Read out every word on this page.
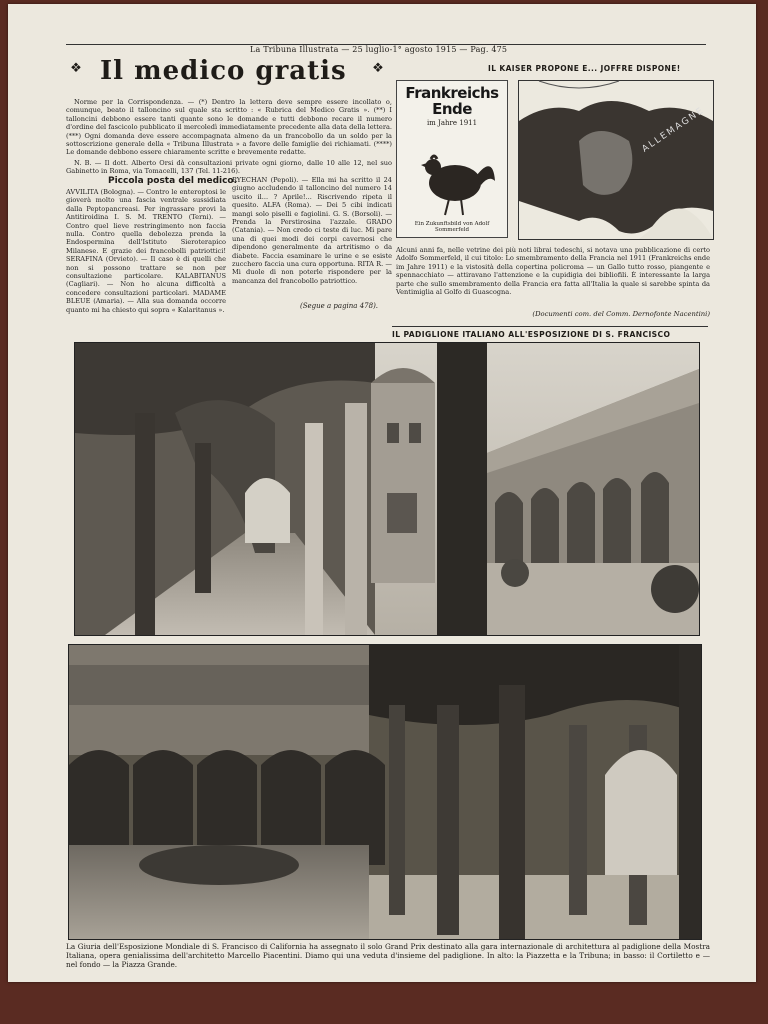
La Tribuna Illustrata — 25 luglio-1° agosto 1915 — Pag. 475
❖ Il medico gratis	❖	IL KAISER PROPONE E... JOFFRE DISPONE!

Norme per la Corrispondenza. — (*) Dentro la lettera deve sempre essere incollato o, comunque, beato il talloncino sul quale sta scritto : « Rubrica del Medico Gratis ». (**) I talloncini debbono essere tanti quante sono le domande e tutti debbono recare il numero d'ordine del fascicolo pubblicato il mercoledì immediatamente precedente alla data della lettera. (***) Ogni domanda deve essere accompagnata almeno da un francobollo da un soldo per la sottoscrizione generale della « Tribuna Illustrata » a favore delle famiglie dei richiamati. (****) Le domande debbono essere chiaramente scritte e brevemente redatte.

N. B. — Il dott. Alberto Orsi dà consultazioni private ogni giorno, dalle 10 alle 12, nel suo Gabinetto in Roma, via Tomacelli, 137 (Tel. 11-216).

Piccola posta del medico.
AVVILITA (Bologna). — Contro le enteroptosi le gioverà molto una fascia ventrale sussidiata dalla Peptopancreasi. Per ingrassare provi la Antitiroidina I. S. M. TRENTO (Terni). — Contro quel lieve restringimento non faccia nulla. Contro quella debolezza prenda la Endospermina dell'Istituto Sieroterapico Milanese. E grazie dei francobolli patriottici! SERAFINA (Orvieto). — Il caso è di quelli che non si possono trattare se non per consultazione particolare. KALABITANUS (Cagliari). — Non ho alcuna difficoltà a concedere consultazioni particolari. MADAME BLEUE (Amaria). — Alla sua domanda occorre quanto mi ha chiesto qui sopra « Kalaritanus ».
RYECHAN (Pepoli). — Ella mi ha scritto il 24 giugno accludendo il talloncino del numero 14 uscito il... ? Aprile!... Riscrivendo ripeta il quesito. ALFA (Roma). — Dei 5 cibi indicati mangi solo piselli e fagiolini. G. S. (Borsoli). — Prenda la Perstirosina l'azzale. GRADO (Catania). — Non credo ci teste di luc. Mi pare una di quei modi dei corpi cavernosi che dipendono generalmente da artritismo o da diabete. Faccia esaminare le urine e se esiste zucchero faccia una cura opportuna. RITA R. — Mi duole di non poterle rispondere per la mancanza del francobollo patriottico.
(Segue a pagina 478).
Frankreichs Ende
im Jahre 1911
Ein Zukunftsbild von Adolf Sommerfeld
ALLEMAGNE
Alcuni anni fa, nelle vetrine dei più noti librai tedeschi, si notava una pubblicazione di certo Adolfo Sommerfeld, il cui titolo: Lo smembramento della Francia nel 1911 (Frankreichs ende im Jahre 1911) e la vistosità della copertina policroma — un Gallo tutto rosso, piangente e spennacchiato — attiravano l'attenzione e la cupidigia dei bibliofili. È interessante la larga parte che sullo smembramento della Francia era fatta all'Italia la quale si sarebbe spinta da Ventimiglia al Golfo di Guascogna.
(Documenti com. del Comm. Dernofonte Nacentini)
IL PADIGLIONE ITALIANO ALL'ESPOSIZIONE DI S. FRANCISCO
La Giuria dell'Esposizione Mondiale di S. Francisco di California ha assegnato il solo Grand Prix destinato alla gara internazionale di architettura al padiglione della Mostra Italiana, opera genialissima dell'architetto Marcello Piacentini. Diamo qui una veduta d'insieme del padiglione. In alto: la Piazzetta e la Tribuna; in basso: il Cortiletto e — nel fondo — la Piazza Grande.
